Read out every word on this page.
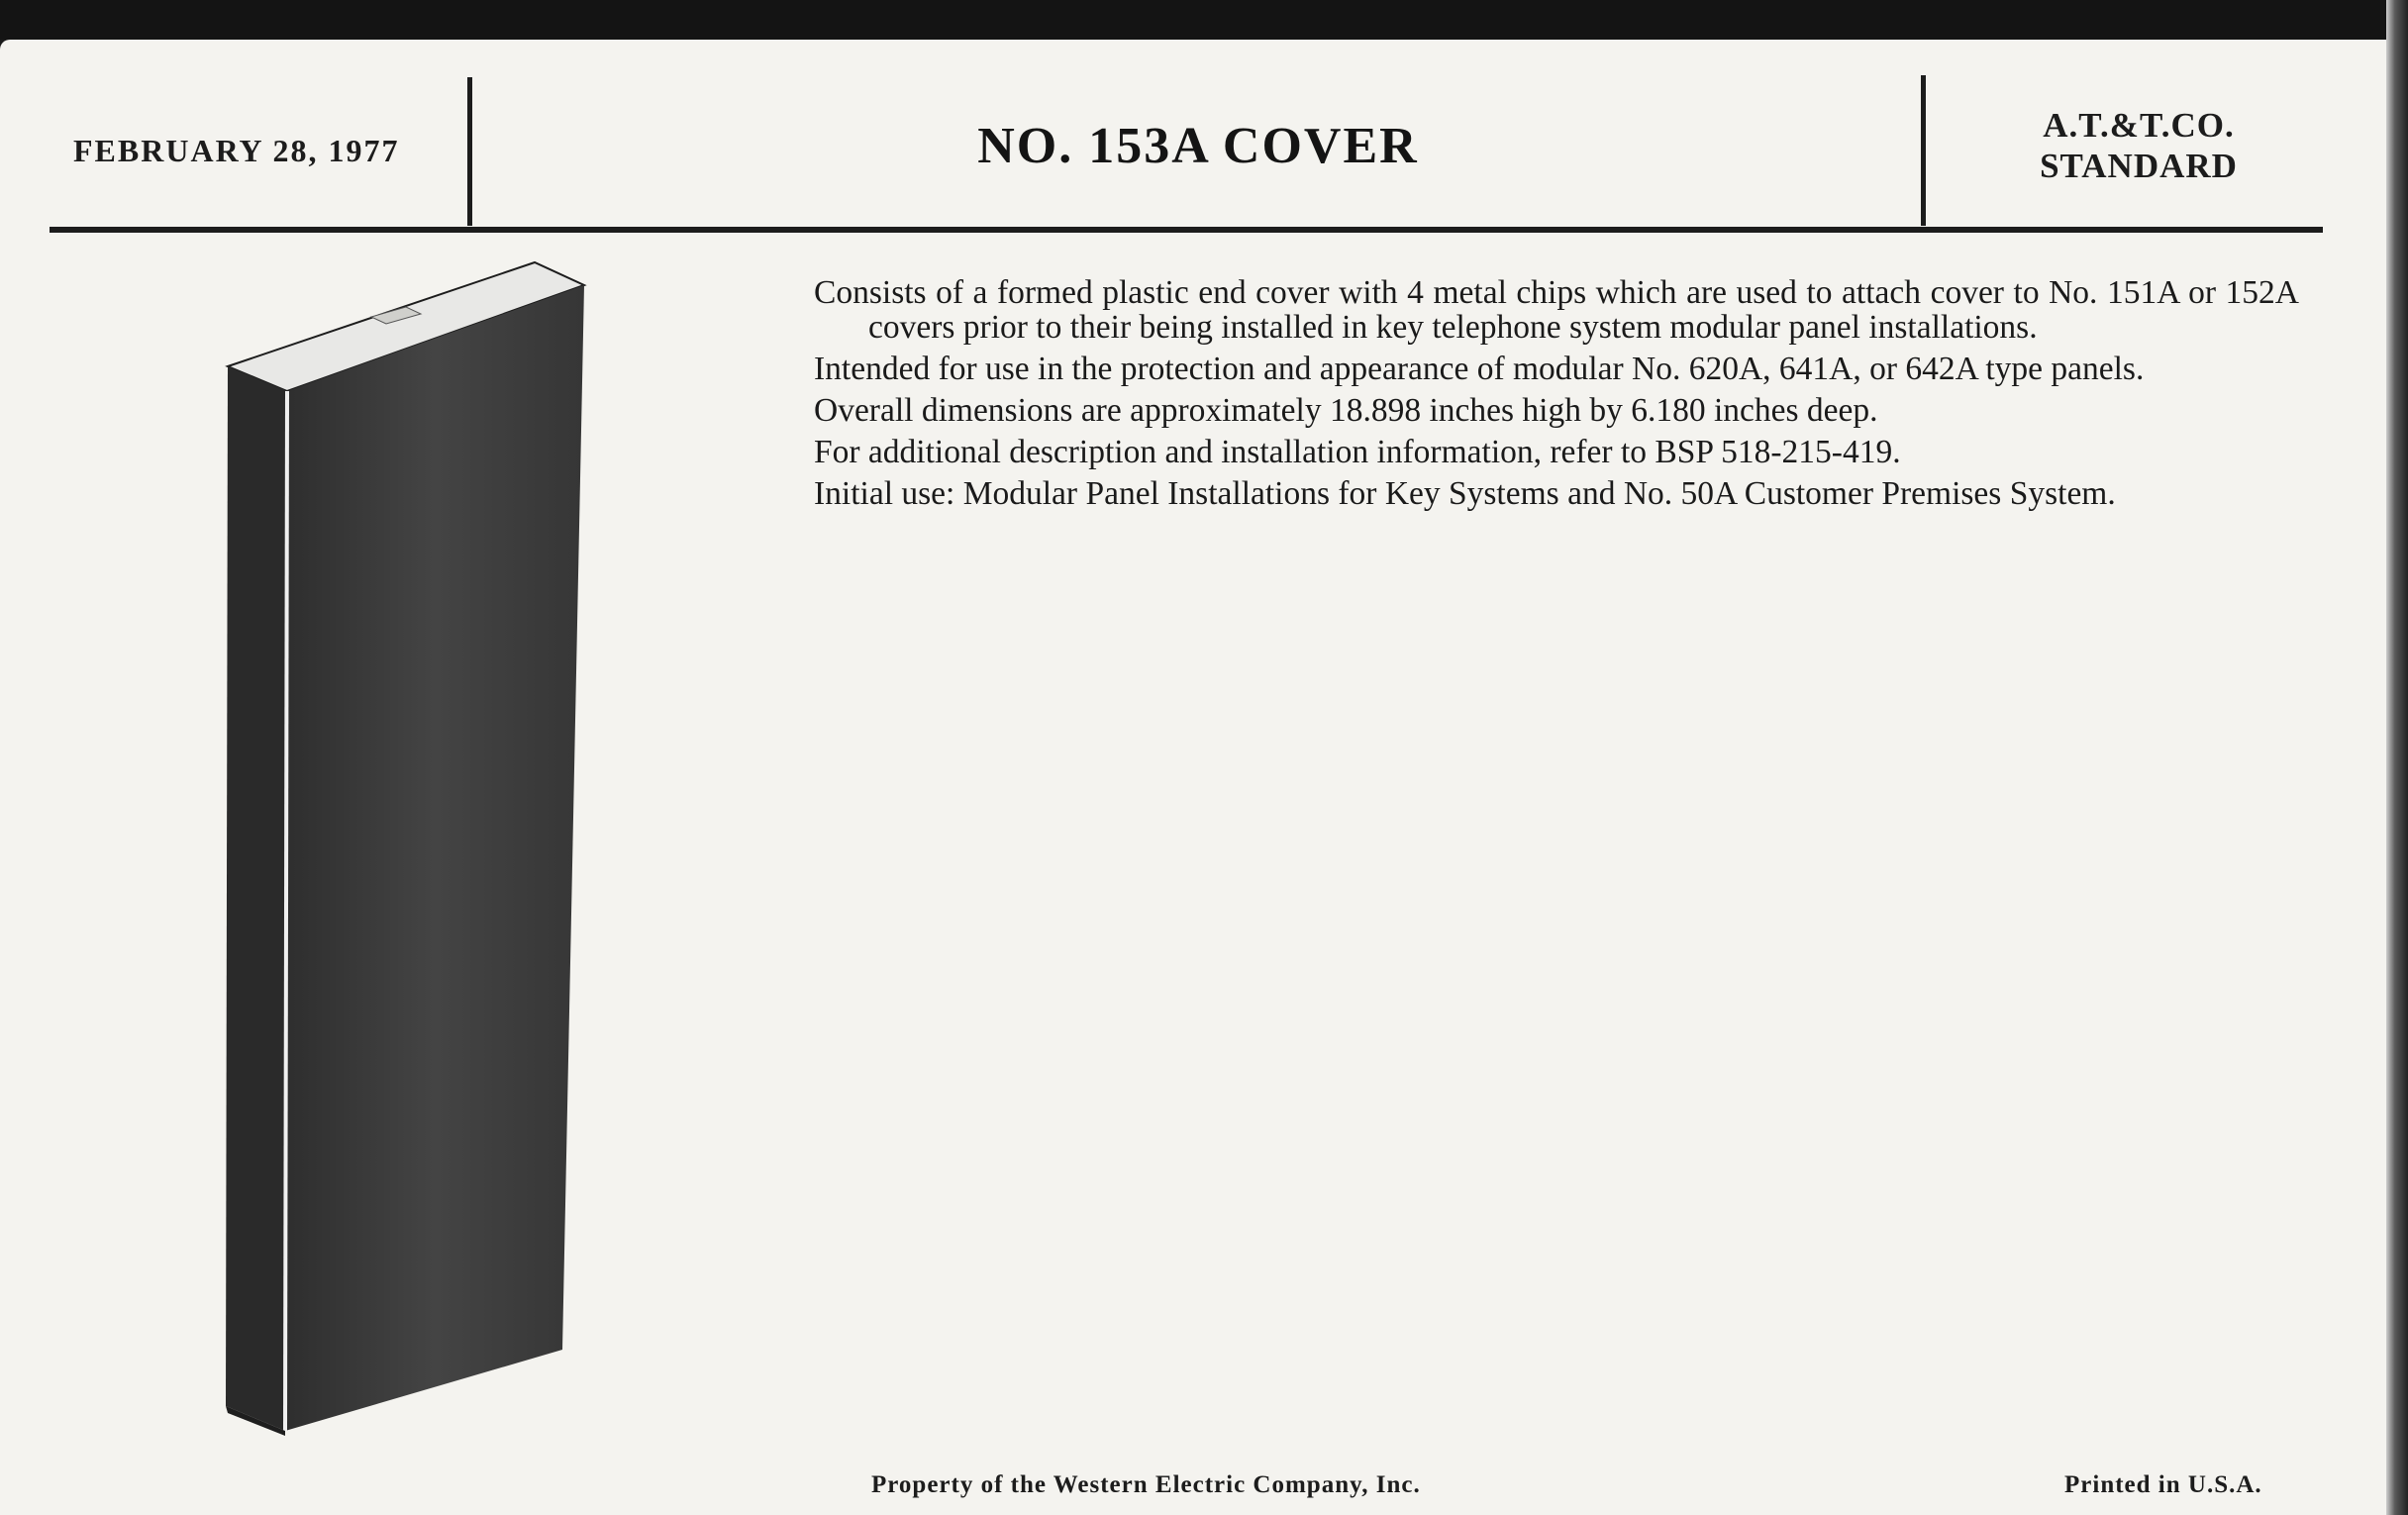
FEBRUARY 28, 1977	NO. 153A COVER	A.T.&T.CO.
STANDARD

Consists of a formed plastic end cover with 4 metal chips which are used to attach cover to No. 151A or 152A covers prior to their being installed in key telephone system modular panel installations.

Intended for use in the protection and appearance of modular No. 620A, 641A, or 642A type panels.

Overall dimensions are approximately 18.898 inches high by 6.180 inches deep.

For additional description and installation information, refer to BSP 518-215-419.

Initial use: Modular Panel Installations for Key Systems and No. 50A Customer Premises System.

Property of the Western Electric Company, Inc.	Printed in U.S.A.
